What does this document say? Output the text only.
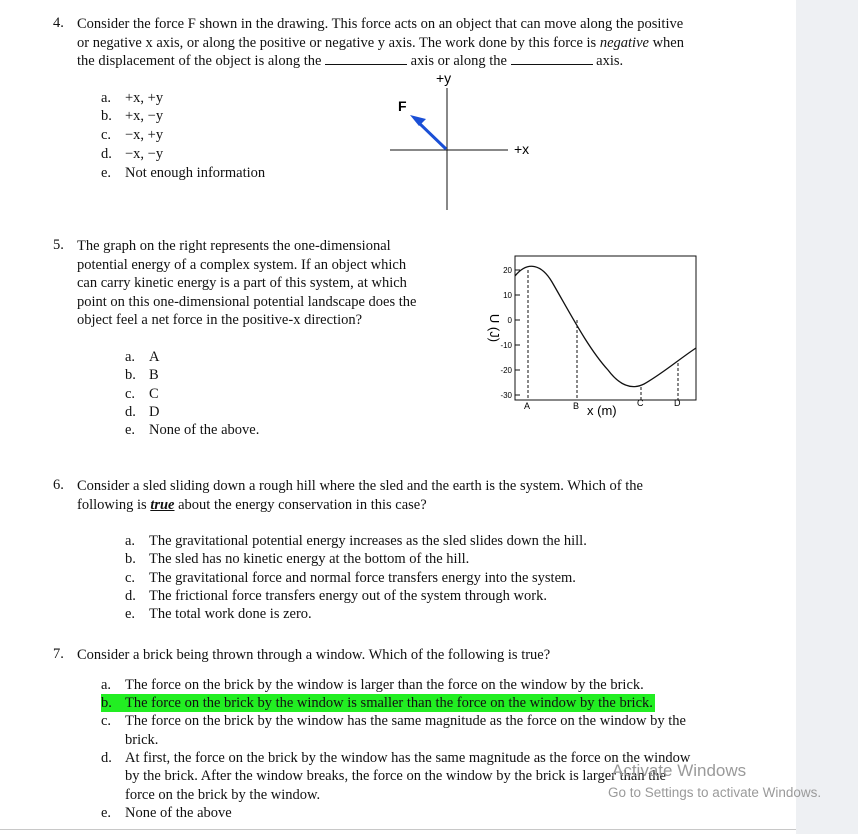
4. Consider the force F shown in the drawing. This force acts on an object that can move along the positive
or negative x axis, or along the positive or negative y axis. The work done by this force is negative when
the displacement of the object is along the	axis or along the	axis.
a. +x, +y
b. +x, −y
c. −x, +y
d. −x, −y
e. Not enough information
+y
+x
F
5. The graph on the right represents the one-dimensional
potential energy of a complex system. If an object which
can carry kinetic energy is a part of this system, at which
point on this one-dimensional potential landscape does the
object feel a net force in the positive-x direction?
a. A
b. B
c. C
d. D
e. None of the above.
20
10
0
-10
-20
-30
U (J)
A	B	C	D
x (m)
6. Consider a sled sliding down a rough hill where the sled and the earth is the system. Which of the
following is true about the energy conservation in this case?
a. The gravitational potential energy increases as the sled slides down the hill.
b. The sled has no kinetic energy at the bottom of the hill.
c. The gravitational force and normal force transfers energy into the system.
d. The frictional force transfers energy out of the system through work.
e. The total work done is zero.
7. Consider a brick being thrown through a window. Which of the following is true?
a. The force on the brick by the window is larger than the force on the window by the brick.
b. The force on the brick by the window is smaller than the force on the window by the brick.
c. The force on the brick by the window has the same magnitude as the force on the window by the
brick.
d. At first, the force on the brick by the window has the same magnitude as the force on the window
by the brick. After the window breaks, the force on the window by the brick is larger than the
force on the brick by the window.
e. None of the above
Activate Windows
Go to Settings to activate Windows.
